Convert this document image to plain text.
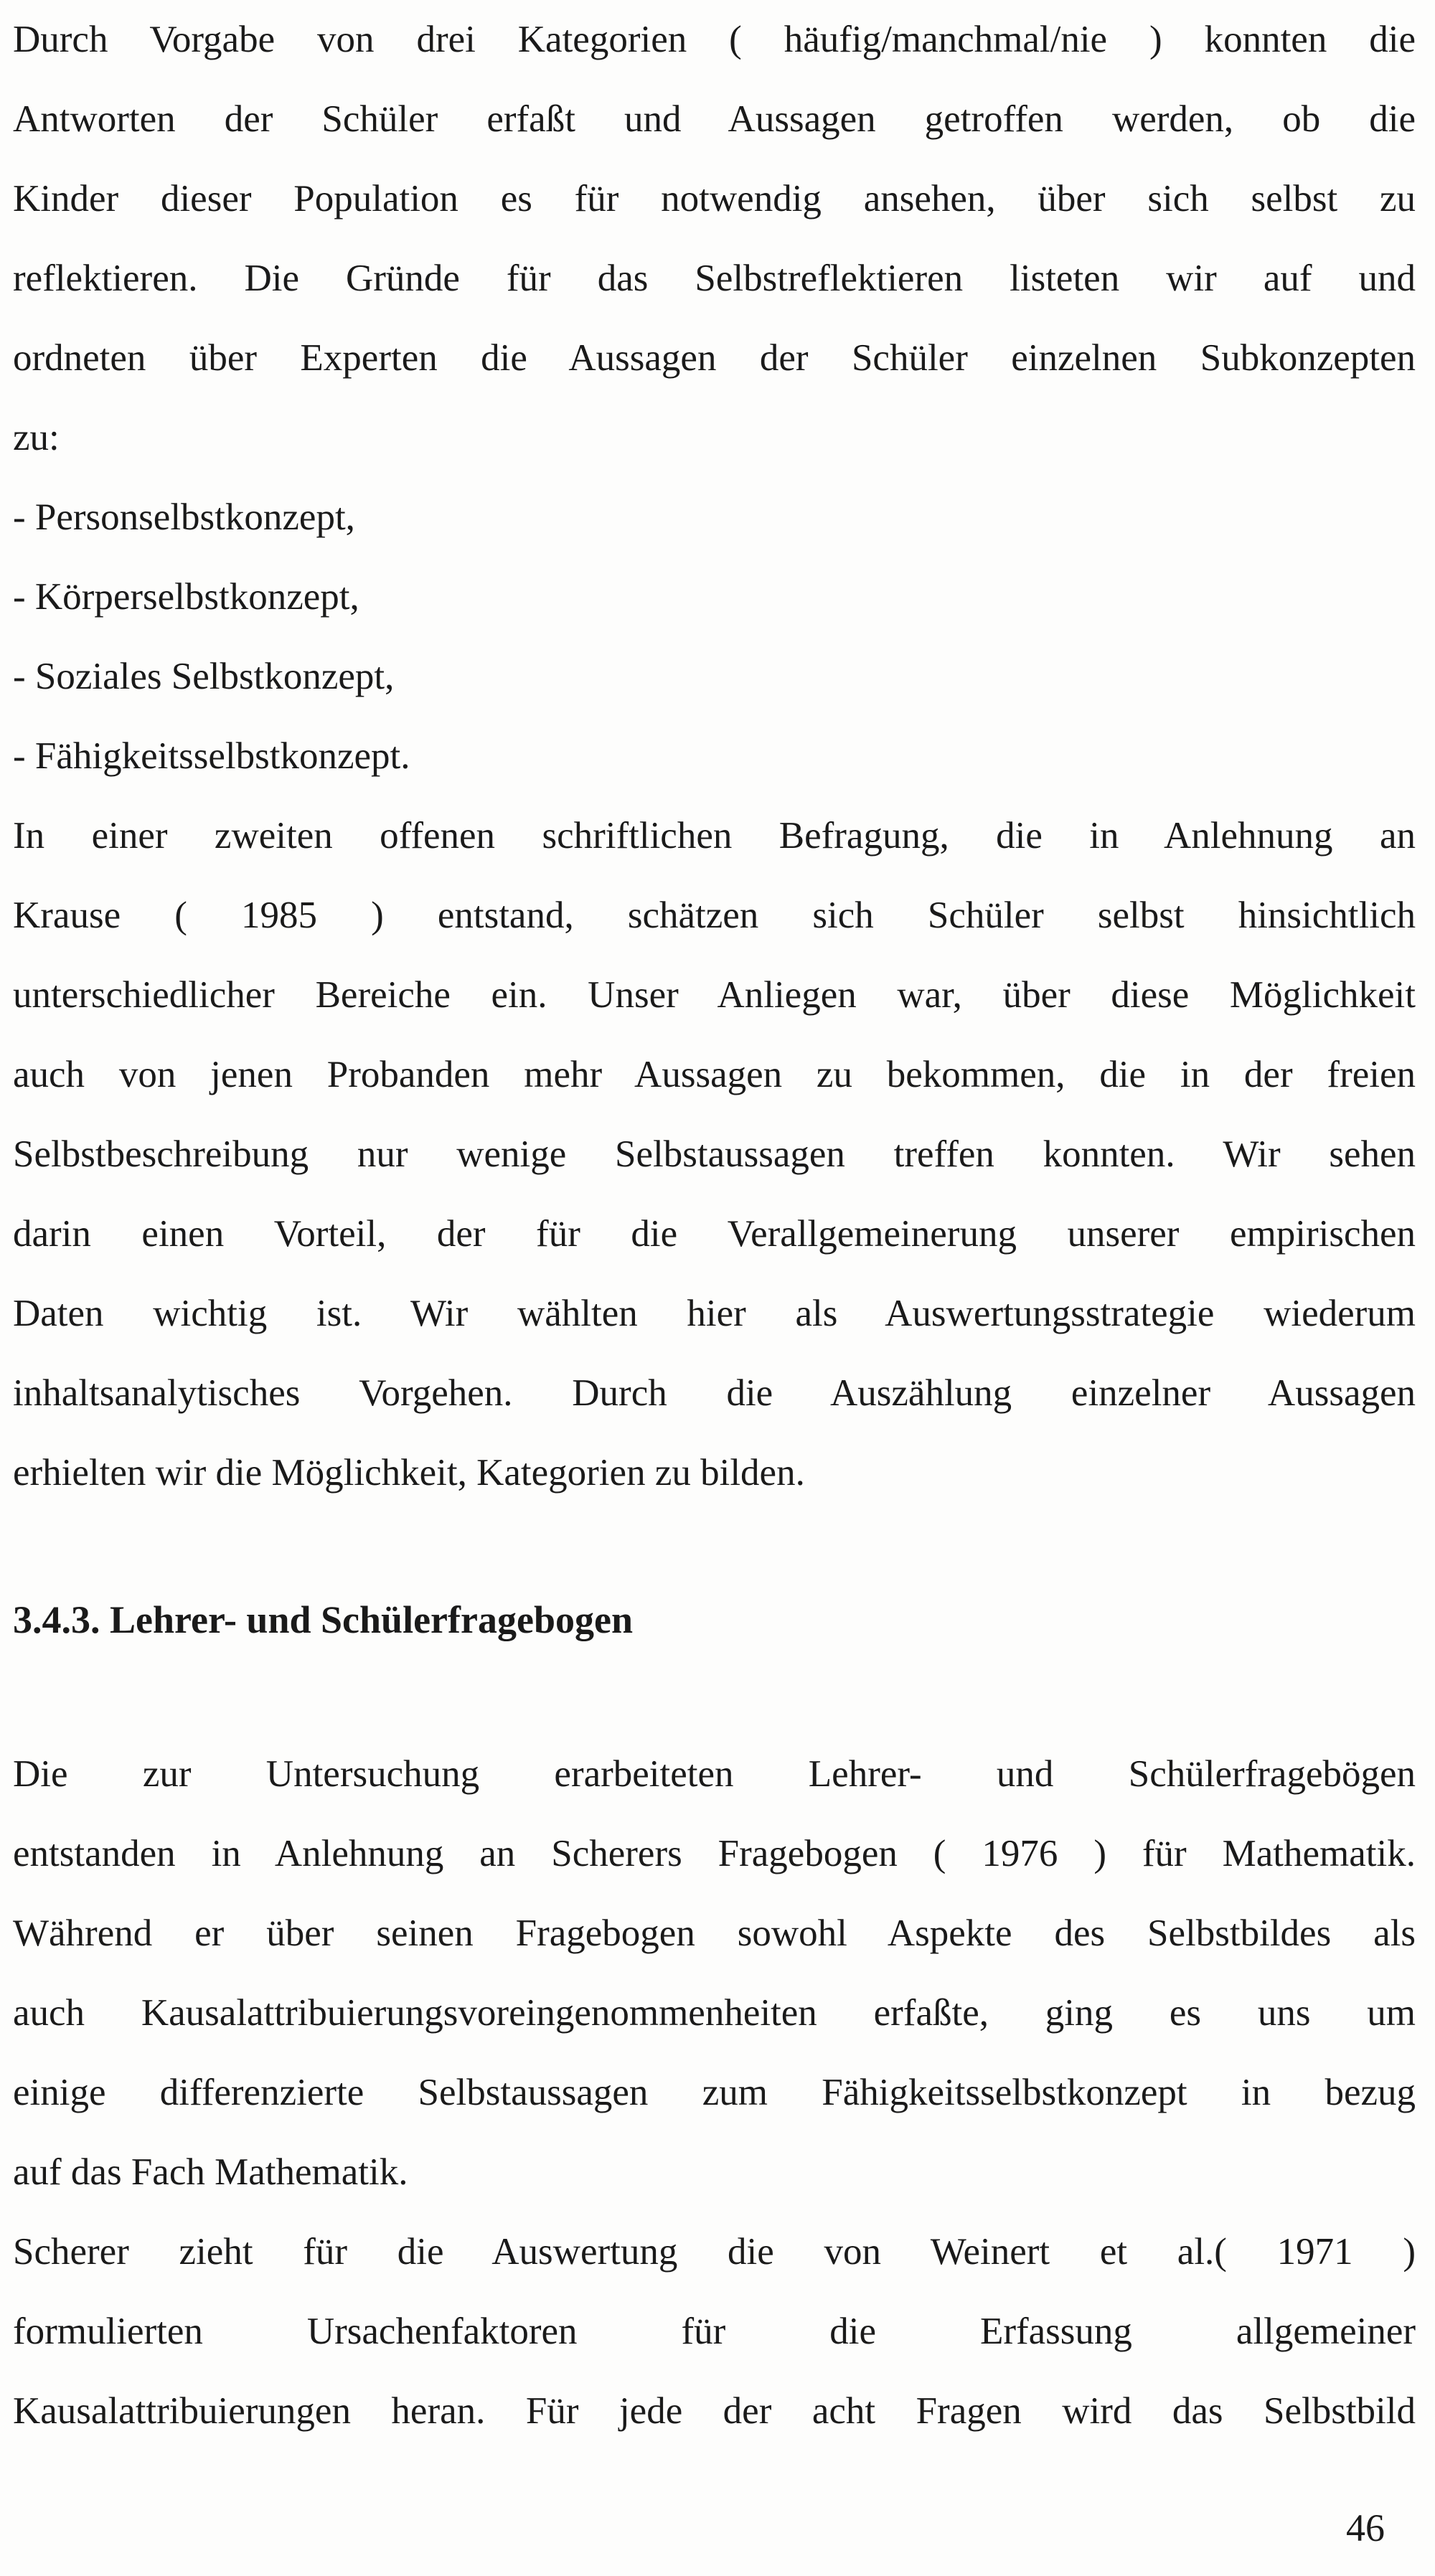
Durch Vorgabe von drei Kategorien ( häufig/manchmal/nie ) konnten die
Antworten der Schüler erfaßt und Aussagen getroffen werden, ob die
Kinder dieser Population es für notwendig ansehen, über sich selbst zu
reflektieren. Die Gründe für das Selbstreflektieren listeten wir auf und
ordneten über Experten die Aussagen der Schüler einzelnen Subkonzepten
zu:
- Personselbstkonzept,
- Körperselbstkonzept,
- Soziales Selbstkonzept,
- Fähigkeitsselbstkonzept.
In einer zweiten offenen schriftlichen Befragung, die in Anlehnung an
Krause ( 1985 ) entstand, schätzen sich Schüler selbst hinsichtlich
unterschiedlicher Bereiche ein. Unser Anliegen war, über diese Möglichkeit
auch von jenen Probanden mehr Aussagen zu bekommen, die in der freien
Selbstbeschreibung nur wenige Selbstaussagen treffen konnten. Wir sehen
darin einen Vorteil, der für die Verallgemeinerung unserer empirischen
Daten wichtig ist. Wir wählten hier als Auswertungsstrategie wiederum
inhaltsanalytisches Vorgehen. Durch die Auszählung einzelner Aussagen
erhielten wir die Möglichkeit, Kategorien zu bilden.
3.4.3. Lehrer- und Schülerfragebogen
Die zur Untersuchung erarbeiteten Lehrer- und Schülerfragebögen
entstanden in Anlehnung an Scherers Fragebogen ( 1976 ) für Mathematik.
Während er über seinen Fragebogen sowohl Aspekte des Selbstbildes als
auch Kausalattribuierungsvoreingenommenheiten erfaßte, ging es uns um
einige differenzierte Selbstaussagen zum Fähigkeitsselbstkonzept in bezug
auf das Fach Mathematik.
Scherer zieht für die Auswertung die von Weinert et al.( 1971 )
formulierten Ursachenfaktoren für die Erfassung allgemeiner
Kausalattribuierungen heran. Für jede der acht Fragen wird das Selbstbild
46
